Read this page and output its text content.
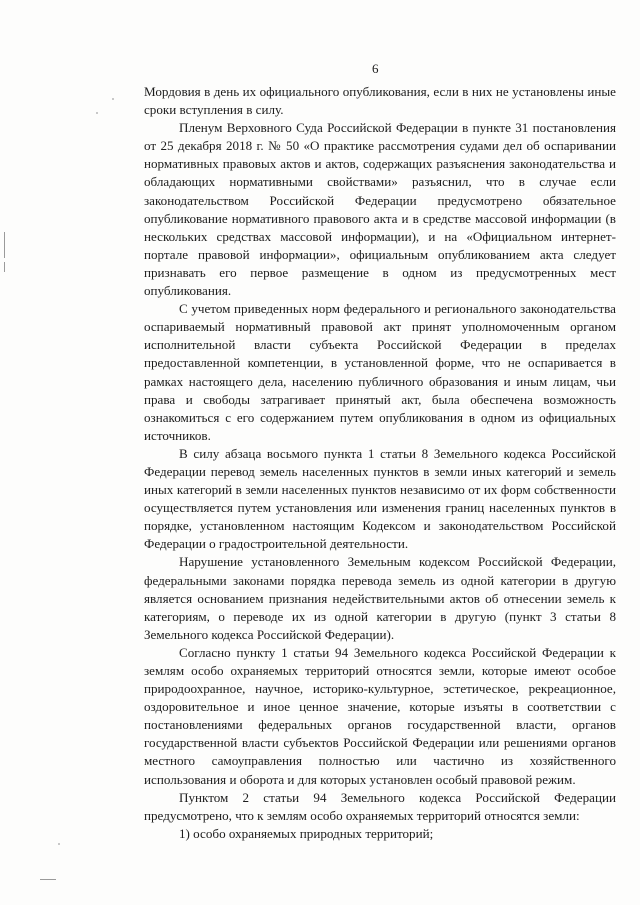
6

Мордовия в день их официального опубликования, если в них не установлены иные сроки вступления в силу.

Пленум Верховного Суда Российской Федерации в пункте 31 постановления от 25 декабря 2018 г. № 50 «О практике рассмотрения судами дел об оспаривании нормативных правовых актов и актов, содержащих разъяснения законодательства и обладающих нормативными свойствами» разъяснил, что в случае если законодательством Российской Федерации предусмотрено обязательное опубликование нормативного правового акта и в средстве массовой информации (в нескольких средствах массовой информации), и на «Официальном интернет-портале правовой информации», официальным опубликованием акта следует признавать его первое размещение в одном из предусмотренных мест опубликования.

С учетом приведенных норм федерального и регионального законодательства оспариваемый нормативный правовой акт принят уполномоченным органом исполнительной власти субъекта Российской Федерации в пределах предоставленной компетенции, в установленной форме, что не оспаривается в рамках настоящего дела, населению публичного образования и иным лицам, чьи права и свободы затрагивает принятый акт, была обеспечена возможность ознакомиться с его содержанием путем опубликования в одном из официальных источников.

В силу абзаца восьмого пункта 1 статьи 8 Земельного кодекса Российской Федерации перевод земель населенных пунктов в земли иных категорий и земель иных категорий в земли населенных пунктов независимо от их форм собственности осуществляется путем установления или изменения границ населенных пунктов в порядке, установленном настоящим Кодексом и законодательством Российской Федерации о градостроительной деятельности.

Нарушение установленного Земельным кодексом Российской Федерации, федеральными законами порядка перевода земель из одной категории в другую является основанием признания недействительными актов об отнесении земель к категориям, о переводе их из одной категории в другую (пункт 3 статьи 8 Земельного кодекса Российской Федерации).

Согласно пункту 1 статьи 94 Земельного кодекса Российской Федерации к землям особо охраняемых территорий относятся земли, которые имеют особое природоохранное, научное, историко-культурное, эстетическое, рекреационное, оздоровительное и иное ценное значение, которые изъяты в соответствии с постановлениями федеральных органов государственной власти, органов государственной власти субъектов Российской Федерации или решениями органов местного самоуправления полностью или частично из хозяйственного использования и оборота и для которых установлен особый правовой режим.

Пунктом 2 статьи 94 Земельного кодекса Российской Федерации предусмотрено, что к землям особо охраняемых территорий относятся земли:

1) особо охраняемых природных территорий;
